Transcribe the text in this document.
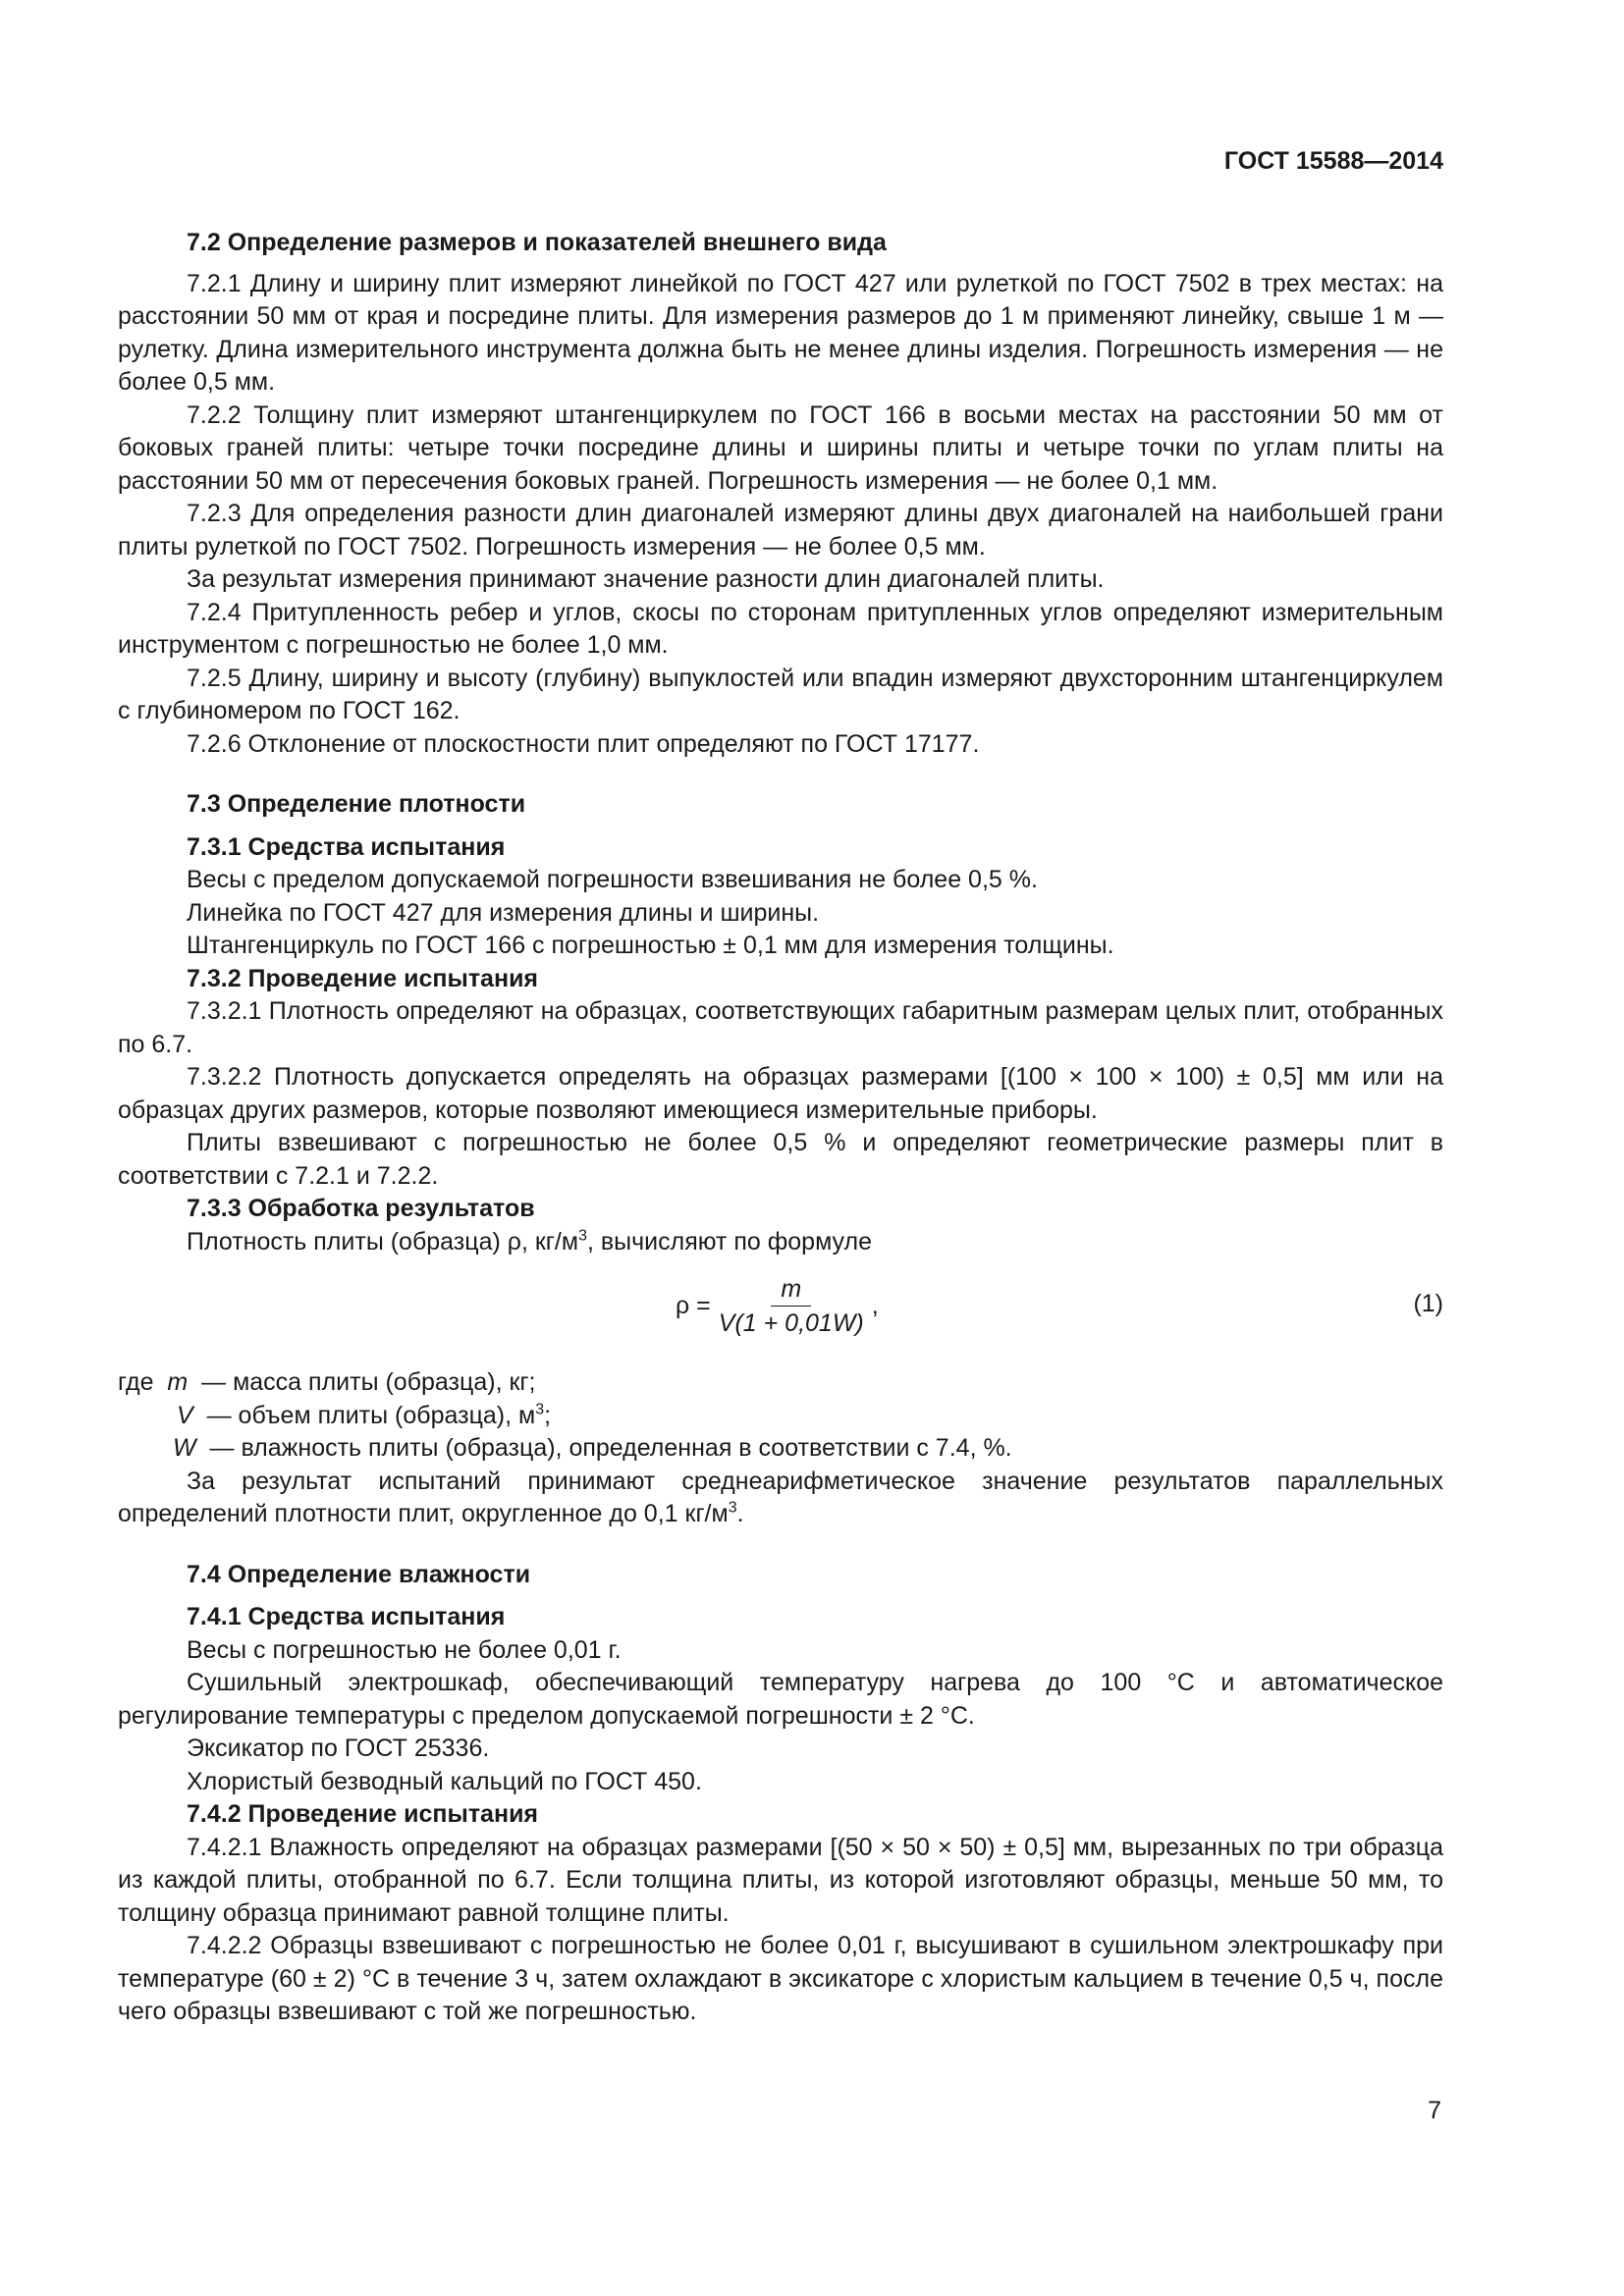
ГОСТ 15588—2014

7.2 Определение размеров и показателей внешнего вида

7.2.1 Длину и ширину плит измеряют линейкой по ГОСТ 427 или рулеткой по ГОСТ 7502 в трех местах: на расстоянии 50 мм от края и посредине плиты. Для измерения размеров до 1 м применяют линейку, свыше 1 м — рулетку. Длина измерительного инструмента должна быть не менее длины изделия. Погрешность измерения — не более 0,5 мм.

7.2.2 Толщину плит измеряют штангенциркулем по ГОСТ 166 в восьми местах на расстоянии 50 мм от боковых граней плиты: четыре точки посредине длины и ширины плиты и четыре точки по углам плиты на расстоянии 50 мм от пересечения боковых граней. Погрешность измерения — не более 0,1 мм.

7.2.3 Для определения разности длин диагоналей измеряют длины двух диагоналей на наибольшей грани плиты рулеткой по ГОСТ 7502. Погрешность измерения — не более 0,5 мм.

За результат измерения принимают значение разности длин диагоналей плиты.

7.2.4 Притупленность ребер и углов, скосы по сторонам притупленных углов определяют измерительным инструментом с погрешностью не более 1,0 мм.

7.2.5 Длину, ширину и высоту (глубину) выпуклостей или впадин измеряют двухсторонним штангенциркулем с глубиномером по ГОСТ 162.

7.2.6 Отклонение от плоскостности плит определяют по ГОСТ 17177.

7.3 Определение плотности

7.3.1 Средства испытания

Весы с пределом допускаемой погрешности взвешивания не более 0,5 %.

Линейка по ГОСТ 427 для измерения длины и ширины.

Штангенциркуль по ГОСТ 166 с погрешностью ± 0,1 мм для измерения толщины.

7.3.2 Проведение испытания

7.3.2.1 Плотность определяют на образцах, соответствующих габаритным размерам целых плит, отобранных по 6.7.

7.3.2.2 Плотность допускается определять на образцах размерами [(100 × 100 × 100) ± 0,5] мм или на образцах других размеров, которые позволяют имеющиеся измерительные приборы.

Плиты взвешивают с погрешностью не более 0,5 % и определяют геометрические размеры плит в соответствии с 7.2.1 и 7.2.2.

7.3.3 Обработка результатов

Плотность плиты (образца) ρ, $кг/м^3$, вычисляют по формуле

$\rho = \frac{m}{V(1 + 0,01W)}$ ,	(1)

где m — масса плиты (образца), кг;

V — объем плиты (образца), $м^3$;

W — влажность плиты (образца), определенная в соответствии с 7.4, %.

За результат испытаний принимают среднеарифметическое значение результатов параллельных определений плотности плит, округленное до 0,1 $кг/м^3$.

7.4 Определение влажности

7.4.1 Средства испытания

Весы с погрешностью не более 0,01 г.

Сушильный электрошкаф, обеспечивающий температуру нагрева до 100 °С и автоматическое регулирование температуры с пределом допускаемой погрешности ± 2 °С.

Эксикатор по ГОСТ 25336.

Хлористый безводный кальций по ГОСТ 450.

7.4.2 Проведение испытания

7.4.2.1 Влажность определяют на образцах размерами [(50 × 50 × 50) ± 0,5] мм, вырезанных по три образца из каждой плиты, отобранной по 6.7. Если толщина плиты, из которой изготовляют образцы, меньше 50 мм, то толщину образца принимают равной толщине плиты.

7.4.2.2 Образцы взвешивают с погрешностью не более 0,01 г, высушивают в сушильном электрошкафу при температуре (60 ± 2) °С в течение 3 ч, затем охлаждают в эксикаторе с хлористым кальцием в течение 0,5 ч, после чего образцы взвешивают с той же погрешностью.

7
